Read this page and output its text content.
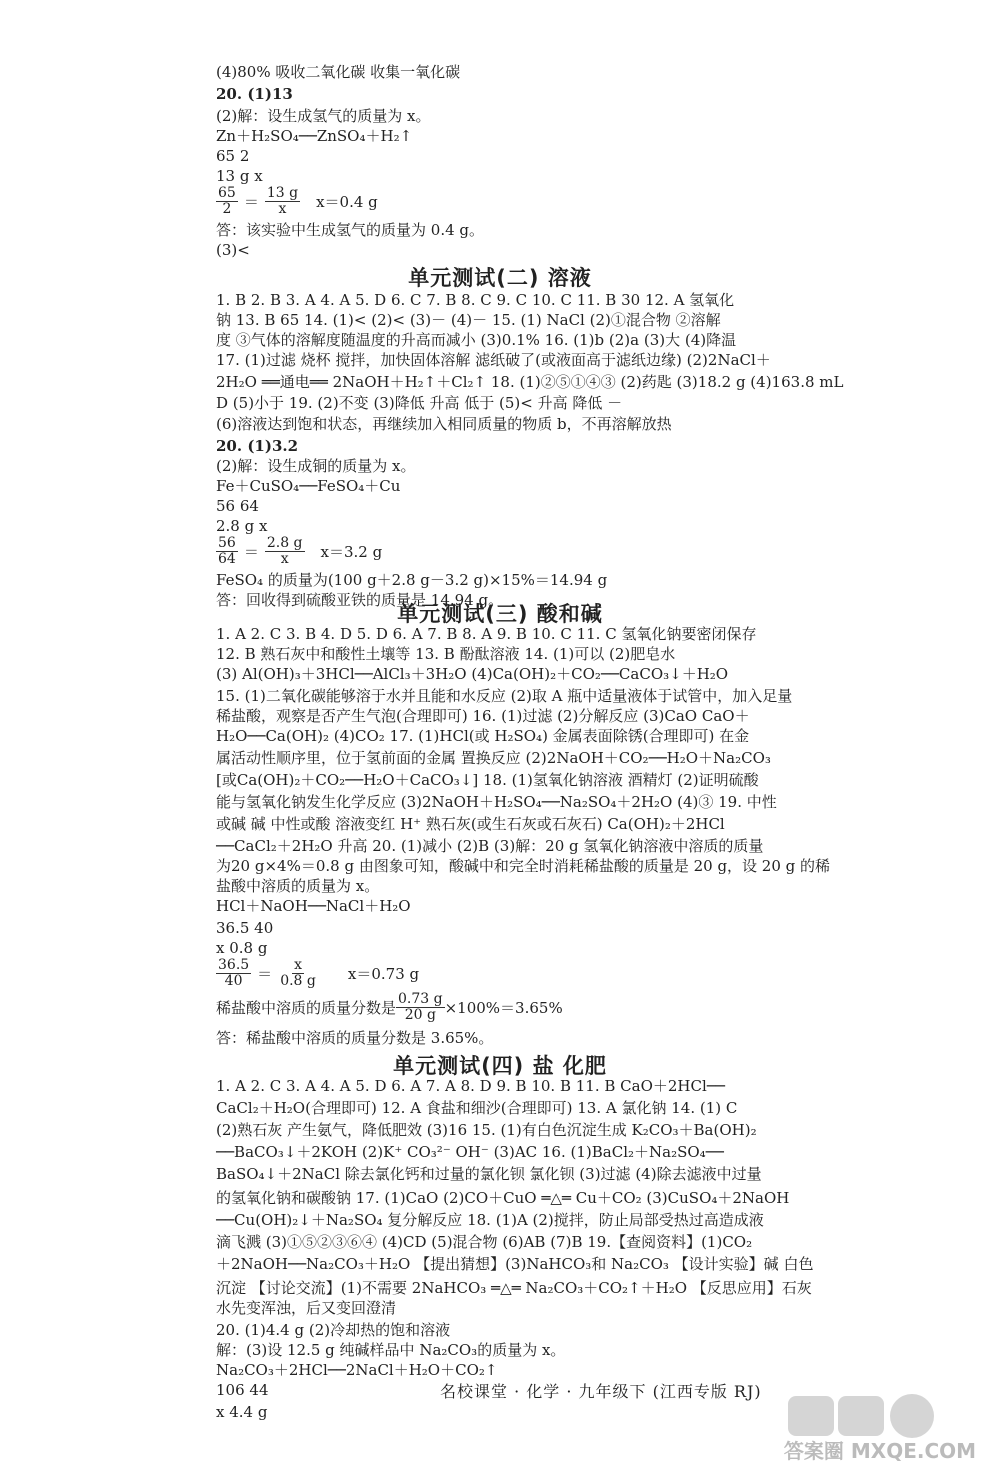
(4)80% 吸收二氧化碳 收集一氧化碳
20. (1)13
(2)解：设生成氢气的质量为 x。
Zn＋H₂SO₄──ZnSO₄＋H₂↑
65 2
13 g x
$\frac{65}{2} = \frac{13 g}{x} x=0.4$ g
答：该实验中生成氢气的质量为 0.4 g。
(3)<
单元测试(二) 溶液
1. B 2. B 3. A 4. A 5. D 6. C 7. B 8. C 9. C 10. C 11. B 30 12. A 氢氧化
钠 13. B 65 14. (1)< (2)< (3)－ (4)－ 15. (1) NaCl (2)①混合物 ②溶解
度 ③气体的溶解度随温度的升高而减小 (3)0.1% 16. (1)b (2)a (3)大 (4)降温
17. (1)过滤 烧杯 搅拌，加快固体溶解 滤纸破了(或液面高于滤纸边缘) (2)2NaCl＋
2H₂O ══通电══ 2NaOH＋H₂↑＋Cl₂↑ 18. (1)②⑤①④③ (2)药匙 (3)18.2 g (4)163.8 mL
D (5)小于 19. (2)不变 (3)降低 升高 低于 (5)< 升高 降低 －
(6)溶液达到饱和状态，再继续加入相同质量的物质 b，不再溶解放热
20. (1)3.2
(2)解：设生成铜的质量为 x。
Fe＋CuSO₄──FeSO₄＋Cu
56 64
2.8 g x
$\frac{56}{64} = \frac{2.8 g}{x} x=3.2$ g
FeSO₄ 的质量为(100 g＋2.8 g－3.2 g)×15%＝14.94 g
答：回收得到硫酸亚铁的质量是 14.94 g。
单元测试(三) 酸和碱
1. A 2. C 3. B 4. D 5. D 6. A 7. B 8. A 9. B 10. C 11. C 氢氧化钠要密闭保存
12. B 熟石灰中和酸性土壤等 13. B 酚酞溶液 14. (1)可以 (2)肥皂水
(3) Al(OH)₃＋3HCl──AlCl₃＋3H₂O (4)Ca(OH)₂＋CO₂──CaCO₃↓＋H₂O
15. (1)二氧化碳能够溶于水并且能和水反应 (2)取 A 瓶中适量液体于试管中，加入足量
稀盐酸，观察是否产生气泡(合理即可) 16. (1)过滤 (2)分解反应 (3)CaO CaO＋
H₂O──Ca(OH)₂ (4)CO₂ 17. (1)HCl(或 H₂SO₄) 金属表面除锈(合理即可) 在金
属活动性顺序里，位于氢前面的金属 置换反应 (2)2NaOH＋CO₂──H₂O＋Na₂CO₃
[或Ca(OH)₂＋CO₂──H₂O＋CaCO₃↓] 18. (1)氢氧化钠溶液 酒精灯 (2)证明硫酸
能与氢氧化钠发生化学反应 (3)2NaOH＋H₂SO₄──Na₂SO₄＋2H₂O (4)③ 19. 中性
或碱 碱 中性或酸 溶液变红 H⁺ 熟石灰(或生石灰或石灰石) Ca(OH)₂＋2HCl
──CaCl₂＋2H₂O 升高 20. (1)减小 (2)B (3)解：20 g 氢氧化钠溶液中溶质的质量
为20 g×4%＝0.8 g 由图象可知，酸碱中和完全时消耗稀盐酸的质量是 20 g，设 20 g 的稀
盐酸中溶质的质量为 x。
HCl＋NaOH──NaCl＋H₂O
36.5 40
x 0.8 g
$\frac{36.5}{40} = \frac{x}{0.8 g} x=0.73$ g
稀盐酸中溶质的质量分数是 $\frac{0.73 g}{20 g} \times 100\%=3.65\%$
答：稀盐酸中溶质的质量分数是 3.65%。
单元测试(四) 盐 化肥
1. A 2. C 3. A 4. A 5. D 6. A 7. A 8. D 9. B 10. B 11. B CaO＋2HCl──
CaCl₂＋H₂O(合理即可) 12. A 食盐和细沙(合理即可) 13. A 氯化钠 14. (1) C
(2)熟石灰 产生氨气，降低肥效 (3)16 15. (1)有白色沉淀生成 K₂CO₃＋Ba(OH)₂
──BaCO₃↓＋2KOH (2)K⁺ CO₃²⁻ OH⁻ (3)AC 16. (1)BaCl₂＋Na₂SO₄──
BaSO₄↓＋2NaCl 除去氯化钙和过量的氯化钡 氯化钡 (3)过滤 (4)除去滤液中过量
的氢氧化钠和碳酸钠 17. (1)CaO (2)CO＋CuO ═△═ Cu＋CO₂ (3)CuSO₄＋2NaOH
──Cu(OH)₂↓＋Na₂SO₄ 复分解反应 18. (1)A (2)搅拌，防止局部受热过高造成液
滴飞溅 (3)①⑤②③⑥④ (4)CD (5)混合物 (6)AB (7)B 19.【查阅资料】(1)CO₂
＋2NaOH──Na₂CO₃＋H₂O 【提出猜想】(3)NaHCO₃和 Na₂CO₃ 【设计实验】碱 白色
沉淀 【讨论交流】(1)不需要 2NaHCO₃ ═△═ Na₂CO₃＋CO₂↑＋H₂O 【反思应用】石灰
水先变浑浊，后又变回澄清
20. (1)4.4 g (2)冷却热的饱和溶液
解：(3)设 12.5 g 纯碱样品中 Na₂CO₃的质量为 x。
Na₂CO₃＋2HCl──2NaCl＋H₂O＋CO₂↑
106 44
x 4.4 g
名校课堂 · 化学 · 九年级下 (江西专版 RJ)
答案圈 MXQE.COM
